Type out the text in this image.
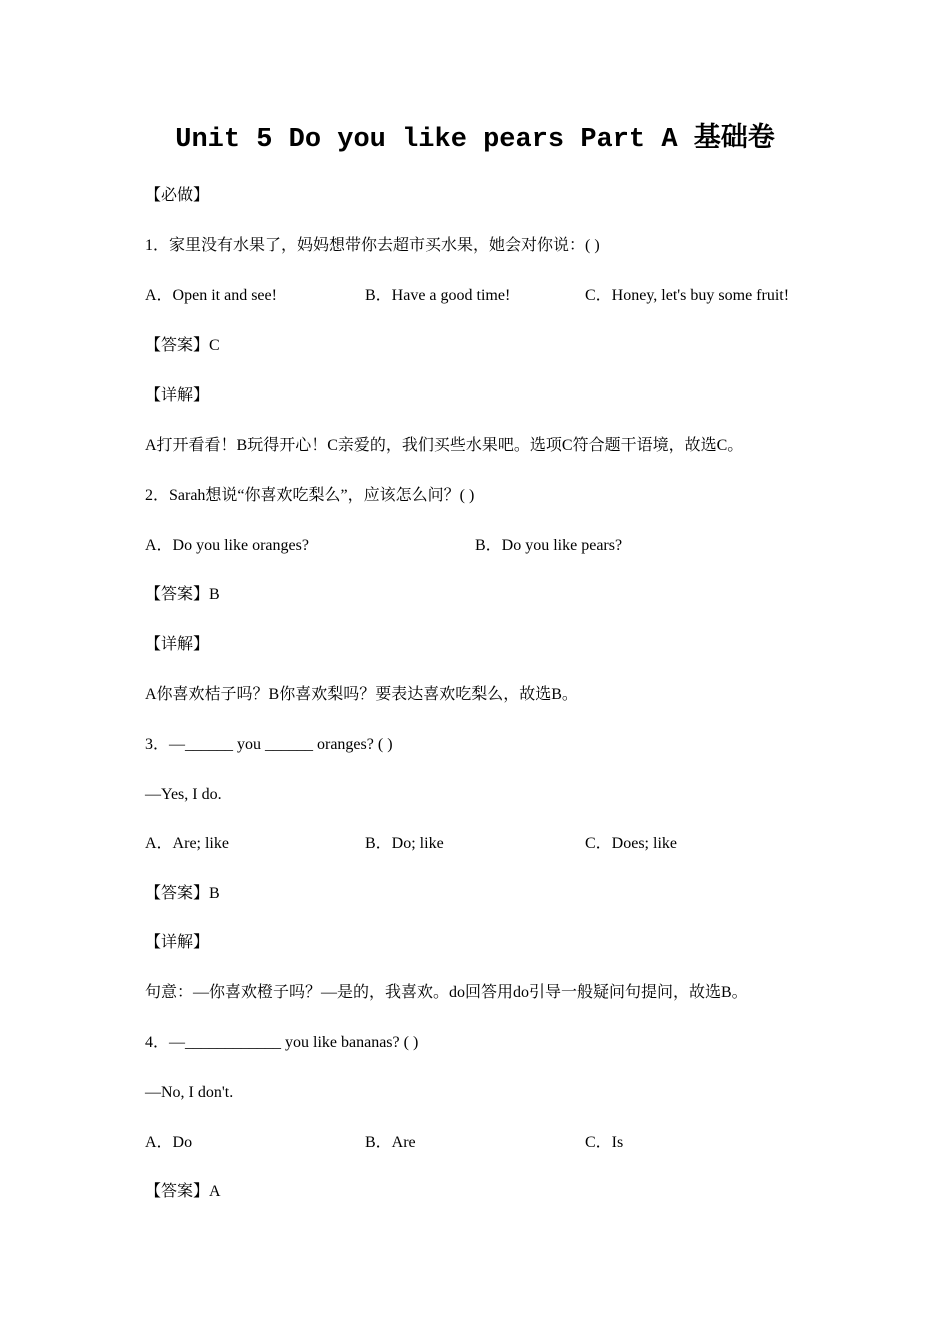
Unit 5 Do you like pears Part A 基础卷
【必做】
1．家里没有水果了，妈妈想带你去超市买水果，她会对你说：( )
A．Open it and see!	B．Have a good time!	C．Honey, let's buy some fruit!
【答案】C
【详解】
A打开看看！B玩得开心！C亲爱的，我们买些水果吧。选项C符合题干语境，故选C。
2．Sarah想说“你喜欢吃梨么”，应该怎么问？( )
A．Do you like oranges?	B．Do you like pears?
【答案】B
【详解】
A你喜欢桔子吗？B你喜欢梨吗？要表达喜欢吃梨么，故选B。
3．—______ you ______ oranges? ( )
—Yes, I do.
A．Are; like	B．Do; like	C．Does; like
【答案】B
【详解】
句意：—你喜欢橙子吗？—是的，我喜欢。do回答用do引导一般疑问句提问，故选B。
4．—____________ you like bananas? ( )
—No, I don't.
A．Do	B．Are	C．Is
【答案】A
